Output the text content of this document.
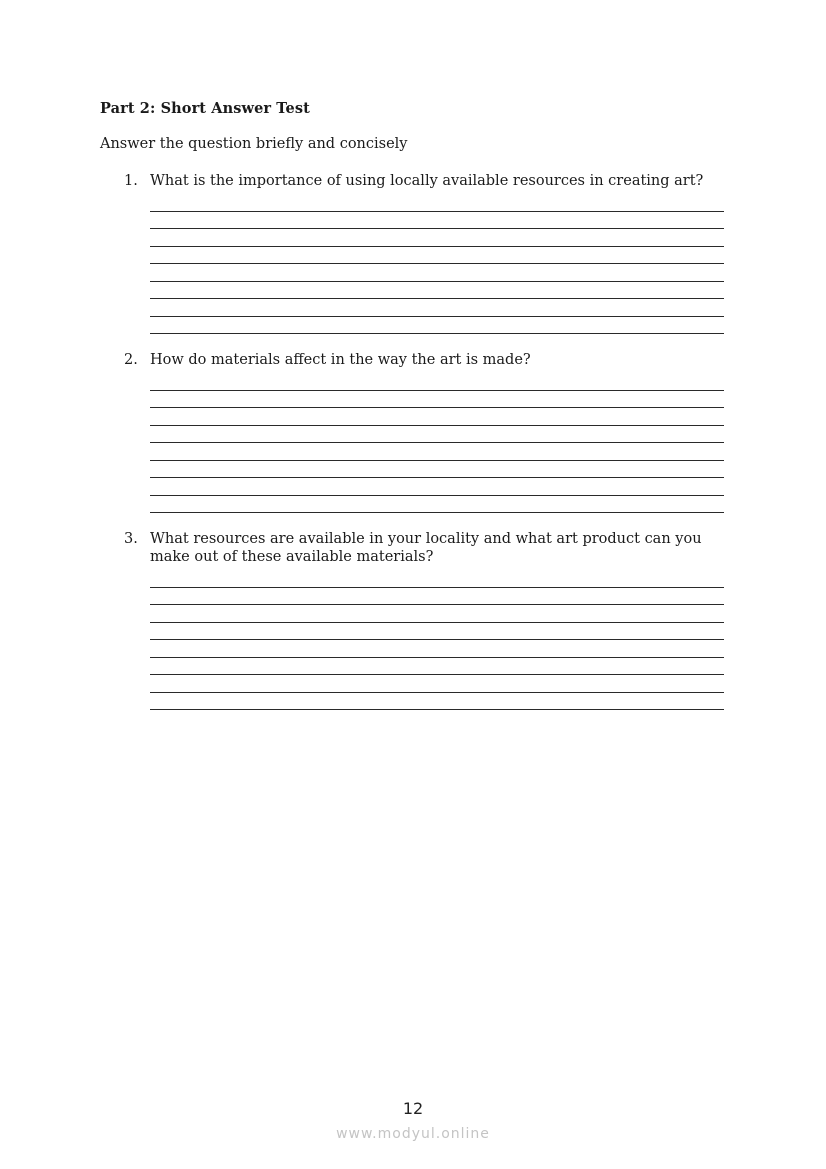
Part 2: Short Answer Test
Answer the question briefly and concisely
1. What is the importance of using locally available resources in creating art?
2. How do materials affect in the way the art is made?
3. What resources are available in your locality and what art product can you make out of these available materials?
12
www.modyul.online
